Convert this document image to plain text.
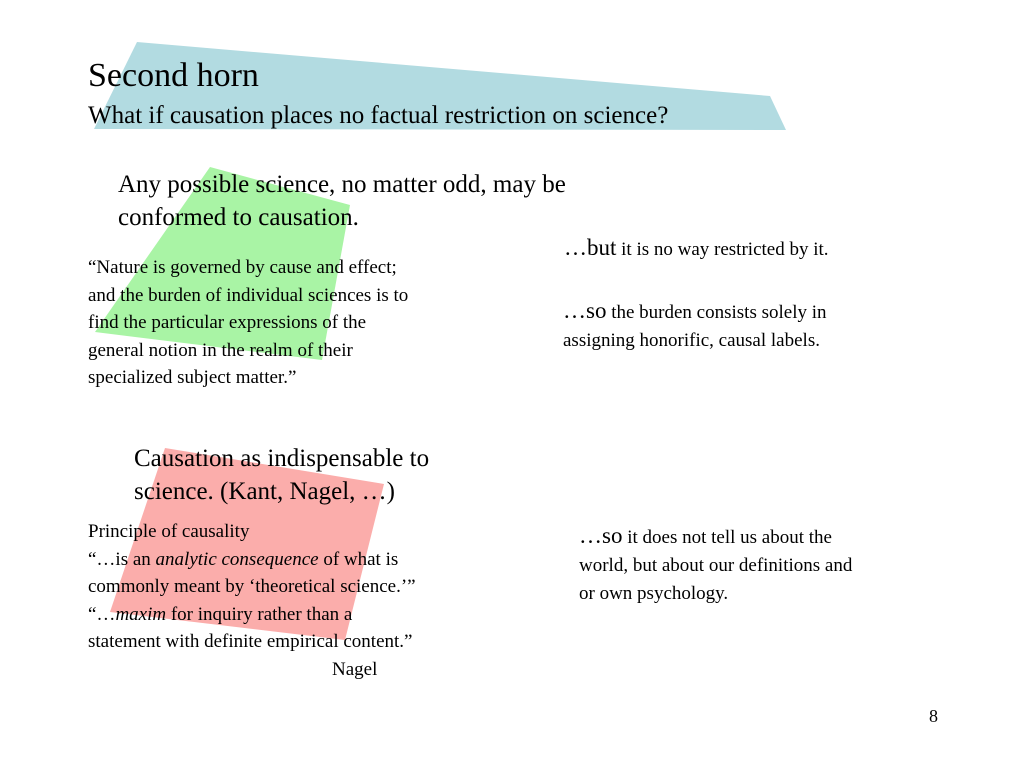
Second horn
What if causation places no factual restriction on science?
Any possible science, no matter odd, may be
conformed to causation.
“Nature is governed by cause and effect;
and the burden of individual sciences is to
find the particular expressions of the
general notion in the realm of their
specialized subject matter.”
…but it is no way restricted by it.
…so the burden consists solely in
assigning honorific, causal labels.
Causation as indispensable to
science. (Kant, Nagel, …)
Principle of causality
“…is an analytic consequence of what is
commonly meant by ‘theoretical science.’”
“…maxim for inquiry rather than a
statement with definite empirical content.”
Nagel
…so it does not tell us about the
world, but about our definitions and
or own psychology.
8
